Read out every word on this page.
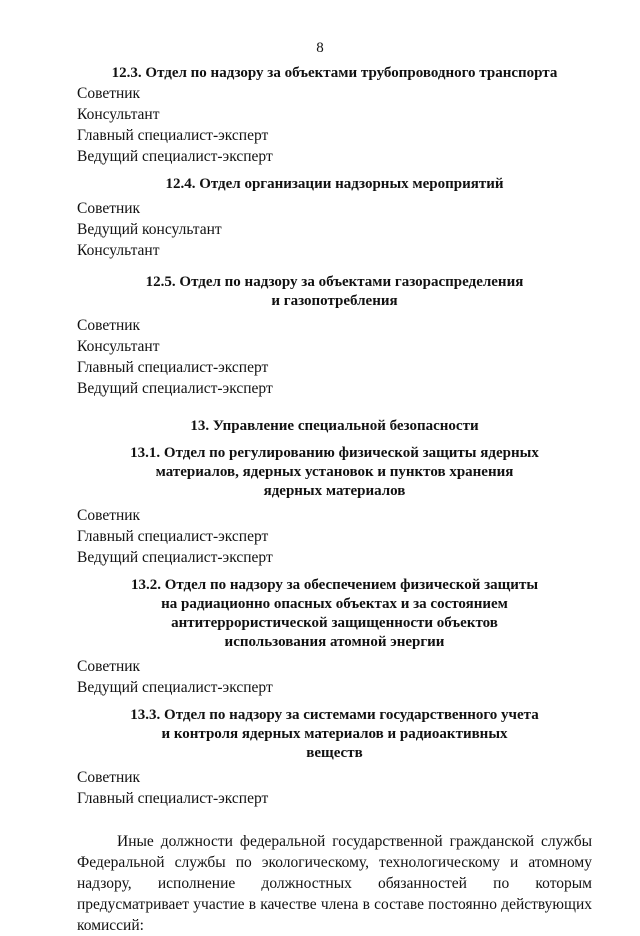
8
12.3. Отдел по надзору за объектами трубопроводного транспорта
Советник
Консультант
Главный специалист-эксперт
Ведущий специалист-эксперт
12.4. Отдел организации надзорных мероприятий
Советник
Ведущий консультант
Консультант
12.5. Отдел по надзору за объектами газораспределения
и газопотребления
Советник
Консультант
Главный специалист-эксперт
Ведущий специалист-эксперт
13. Управление специальной безопасности
13.1. Отдел по регулированию физической защиты ядерных
материалов, ядерных установок и пунктов хранения
ядерных материалов
Советник
Главный специалист-эксперт
Ведущий специалист-эксперт
13.2. Отдел по надзору за обеспечением физической защиты
на радиационно опасных объектах и за состоянием
антитеррористической защищенности объектов
использования атомной энергии
Советник
Ведущий специалист-эксперт
13.3. Отдел по надзору за системами государственного учета
и контроля ядерных материалов и радиоактивных
веществ
Советник
Главный специалист-эксперт
Иные должности федеральной государственной гражданской службы Федеральной службы по экологическому, технологическому и атомному надзору, исполнение должностных обязанностей по которым предусматривает участие в качестве члена в составе постоянно действующих комиссий:
